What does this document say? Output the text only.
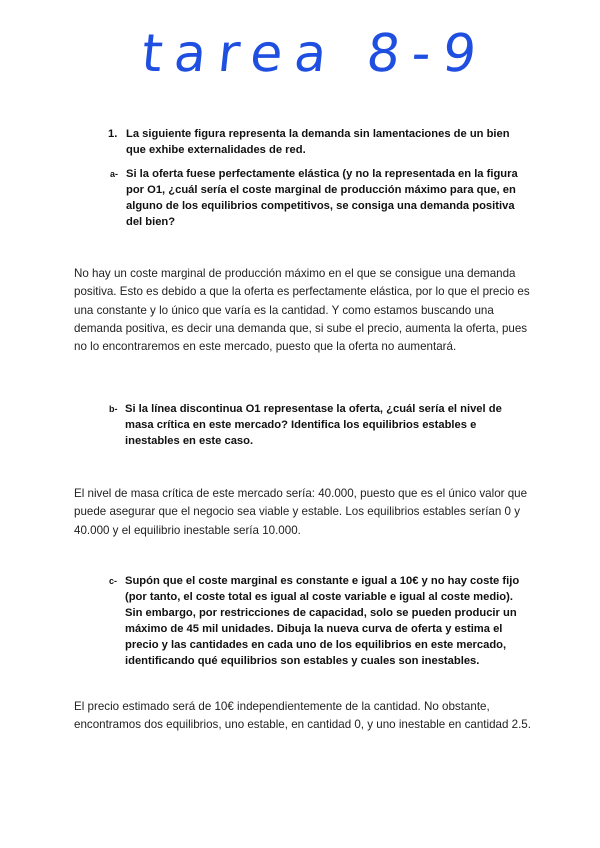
tarea 8-9
1. La siguiente figura representa la demanda sin lamentaciones de un bien que exhibe externalidades de red.
a- Si la oferta fuese perfectamente elástica (y no la representada en la figura por O1, ¿cuál sería el coste marginal de producción máximo para que, en alguno de los equilibrios competitivos, se consiga una demanda positiva del bien?
No hay un coste marginal de producción máximo en el que se consigue una demanda positiva. Esto es debido a que la oferta es perfectamente elástica, por lo que el precio es una constante y lo único que varía es la cantidad. Y como estamos buscando una demanda positiva, es decir una demanda que, si sube el precio, aumenta la oferta, pues no lo encontraremos en este mercado, puesto que la oferta no aumentará.
b- Si la línea discontinua O1 representase la oferta, ¿cuál sería el nivel de masa crítica en este mercado? Identifica los equilibrios estables e inestables en este caso.
El nivel de masa crítica de este mercado sería: 40.000, puesto que es el único valor que puede asegurar que el negocio sea viable y estable. Los equilibrios estables serían 0 y 40.000 y el equilibrio inestable sería 10.000.
c- Supón que el coste marginal es constante e igual a 10€ y no hay coste fijo (por tanto, el coste total es igual al coste variable e igual al coste medio). Sin embargo, por restricciones de capacidad, solo se pueden producir un máximo de 45 mil unidades. Dibuja la nueva curva de oferta y estima el precio y las cantidades en cada uno de los equilibrios en este mercado, identificando qué equilibrios son estables y cuales son inestables.
El precio estimado será de 10€ independientemente de la cantidad. No obstante, encontramos dos equilibrios, uno estable, en cantidad 0, y uno inestable en cantidad 2.5.
